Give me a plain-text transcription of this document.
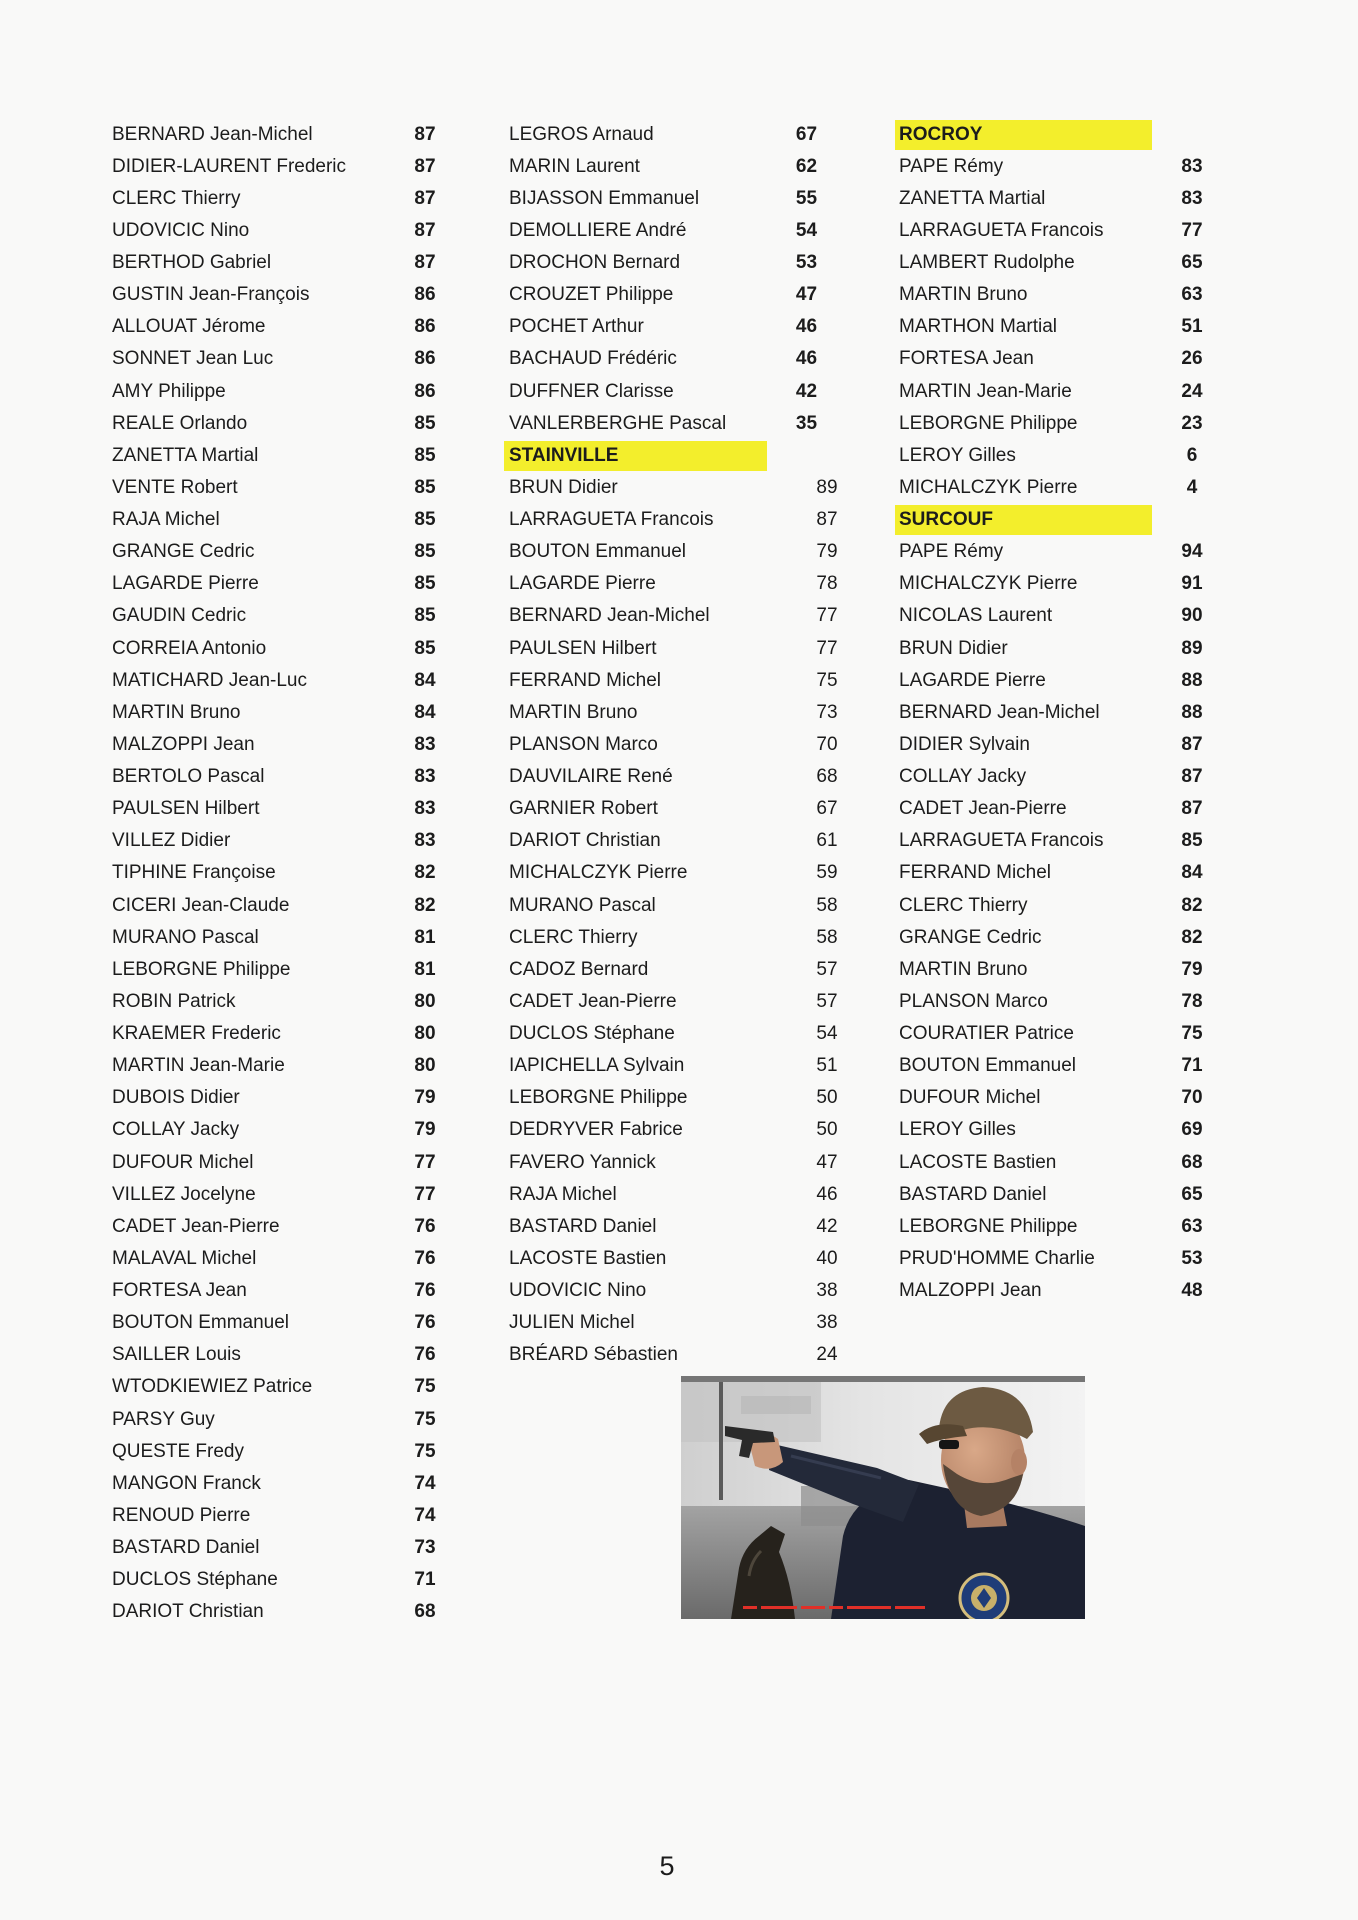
BERNARD Jean-Michel	87
DIDIER-LAURENT Frederic	87
CLERC Thierry	87
UDOVICIC Nino	87
BERTHOD Gabriel	87
GUSTIN Jean-François	86
ALLOUAT Jérome	86
SONNET Jean Luc	86
AMY Philippe	86
REALE Orlando	85
ZANETTA Martial	85
VENTE Robert	85
RAJA Michel	85
GRANGE Cedric	85
LAGARDE Pierre	85
GAUDIN Cedric	85
CORREIA Antonio	85
MATICHARD Jean-Luc	84
MARTIN Bruno	84
MALZOPPI Jean	83
BERTOLO Pascal	83
PAULSEN Hilbert	83
VILLEZ Didier	83
TIPHINE Françoise	82
CICERI Jean-Claude	82
MURANO Pascal	81
LEBORGNE Philippe	81
ROBIN Patrick	80
KRAEMER Frederic	80
MARTIN Jean-Marie	80
DUBOIS Didier	79
COLLAY Jacky	79
DUFOUR Michel	77
VILLEZ Jocelyne	77
CADET Jean-Pierre	76
MALAVAL Michel	76
FORTESA Jean	76
BOUTON Emmanuel	76
SAILLER Louis	76
WTODKIEWIEZ Patrice	75
PARSY Guy	75
QUESTE Fredy	75
MANGON Franck	74
RENOUD Pierre	74
BASTARD Daniel	73
DUCLOS Stéphane	71
DARIOT Christian	68
LEGROS Arnaud	67
MARIN Laurent	62
BIJASSON Emmanuel	55
DEMOLLIERE André	54
DROCHON Bernard	53
CROUZET Philippe	47
POCHET Arthur	46
BACHAUD Frédéric	46
DUFFNER Clarisse	42
VANLERBERGHE Pascal	35
STAINVILLE
BRUN Didier	89
LARRAGUETA Francois	87
BOUTON Emmanuel	79
LAGARDE Pierre	78
BERNARD Jean-Michel	77
PAULSEN Hilbert	77
FERRAND Michel	75
MARTIN Bruno	73
PLANSON Marco	70
DAUVILAIRE René	68
GARNIER Robert	67
DARIOT Christian	61
MICHALCZYK Pierre	59
MURANO Pascal	58
CLERC Thierry	58
CADOZ Bernard	57
CADET Jean-Pierre	57
DUCLOS Stéphane	54
IAPICHELLA Sylvain	51
LEBORGNE Philippe	50
DEDRYVER Fabrice	50
FAVERO Yannick	47
RAJA Michel	46
BASTARD Daniel	42
LACOSTE Bastien	40
UDOVICIC Nino	38
JULIEN Michel	38
BRÉARD Sébastien	24
ROCROY
PAPE Rémy	83
ZANETTA Martial	83
LARRAGUETA Francois	77
LAMBERT Rudolphe	65
MARTIN Bruno	63
MARTHON Martial	51
FORTESA Jean	26
MARTIN Jean-Marie	24
LEBORGNE Philippe	23
LEROY Gilles	6
MICHALCZYK Pierre	4
SURCOUF
PAPE Rémy	94
MICHALCZYK Pierre	91
NICOLAS Laurent	90
BRUN Didier	89
LAGARDE Pierre	88
BERNARD Jean-Michel	88
DIDIER Sylvain	87
COLLAY Jacky	87
CADET Jean-Pierre	87
LARRAGUETA Francois	85
FERRAND Michel	84
CLERC Thierry	82
GRANGE Cedric	82
MARTIN Bruno	79
PLANSON Marco	78
COURATIER Patrice	75
BOUTON Emmanuel	71
DUFOUR Michel	70
LEROY Gilles	69
LACOSTE Bastien	68
BASTARD Daniel	65
LEBORGNE Philippe	63
PRUD'HOMME Charlie	53
MALZOPPI Jean	48
5
